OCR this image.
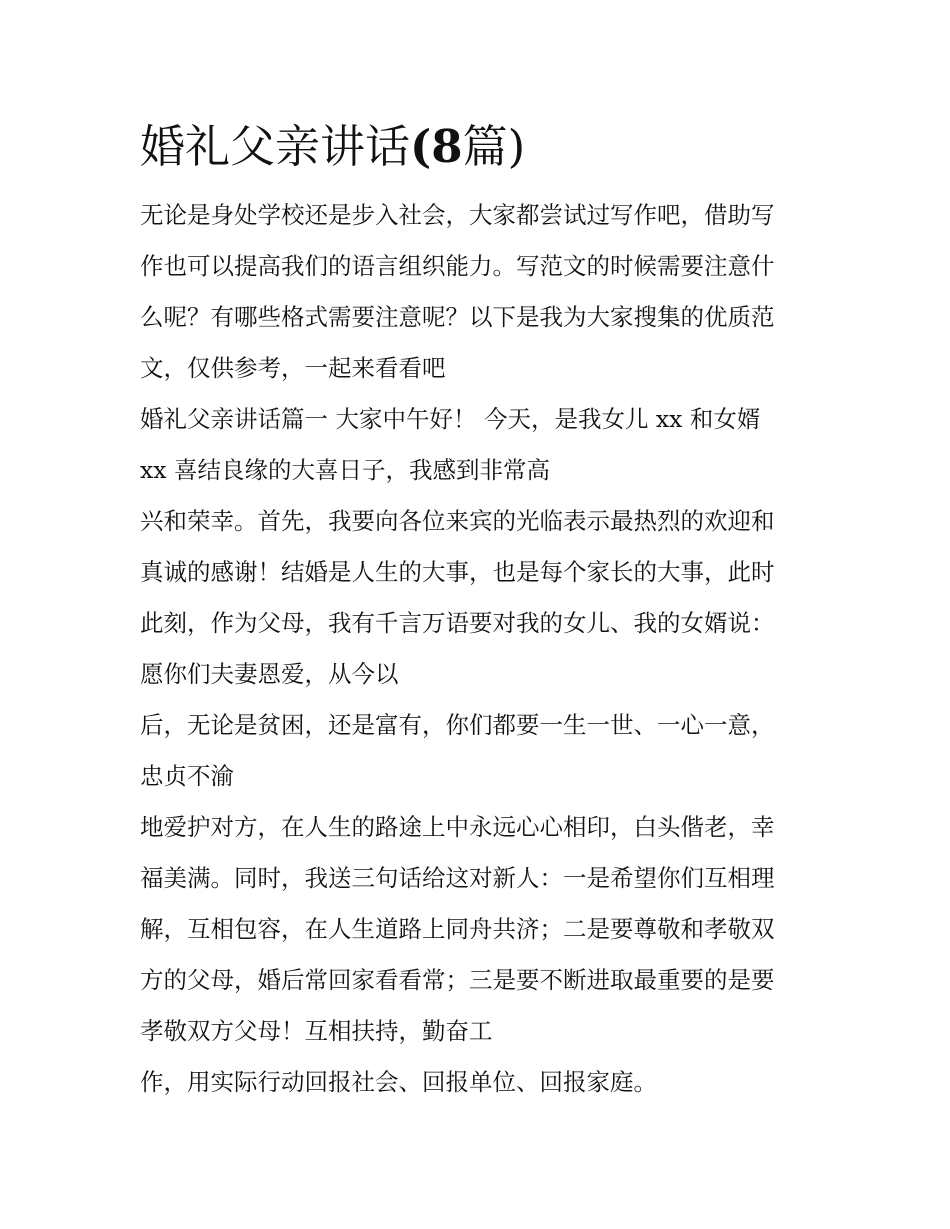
婚礼父亲讲话(8篇)

无论是身处学校还是步入社会，大家都尝试过写作吧，借助写

作也可以提高我们的语言组织能力。写范文的时候需要注意什

么呢？有哪些格式需要注意呢？以下是我为大家搜集的优质范

文，仅供参考，一起来看看吧

婚礼父亲讲话篇一 大家中午好！ 今天，是我女儿 xx 和女婿

xx 喜结良缘的大喜日子，我感到非常高

兴和荣幸。首先，我要向各位来宾的光临表示最热烈的欢迎和

真诚的感谢！结婚是人生的大事，也是每个家长的大事，此时

此刻，作为父母，我有千言万语要对我的女儿、我的女婿说：

愿你们夫妻恩爱，从今以

后，无论是贫困，还是富有，你们都要一生一世、一心一意，

忠贞不渝

地爱护对方，在人生的路途上中永远心心相印，白头偕老，幸

福美满。同时，我送三句话给这对新人：一是希望你们互相理

解，互相包容，在人生道路上同舟共济；二是要尊敬和孝敬双

方的父母，婚后常回家看看常；三是要不断进取最重要的是要

孝敬双方父母！互相扶持，勤奋工

作，用实际行动回报社会、回报单位、回报家庭。
